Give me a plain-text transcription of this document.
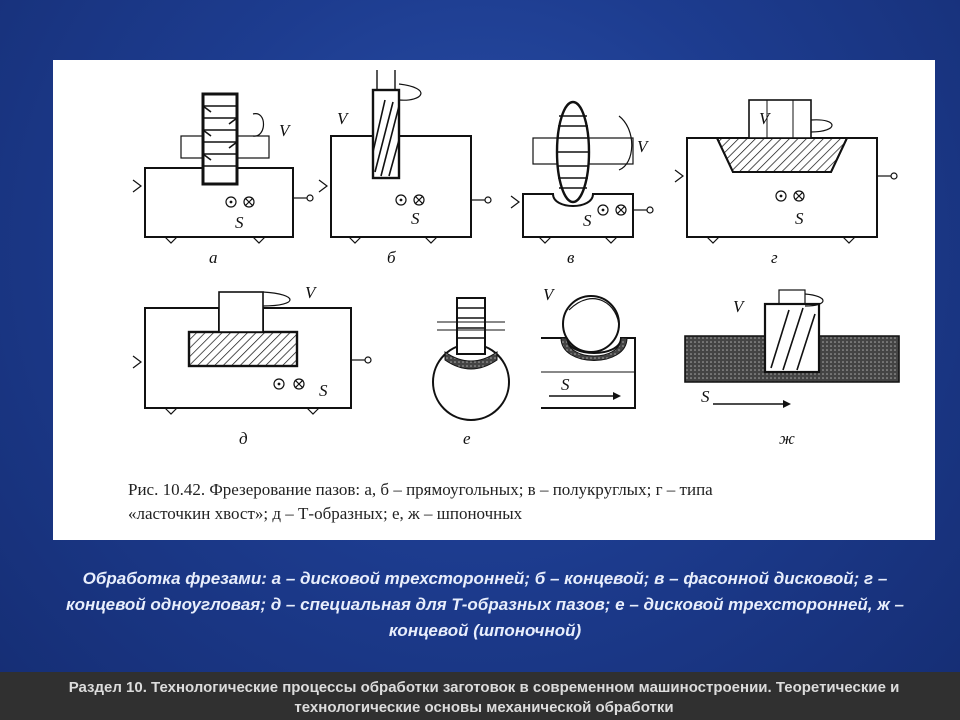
V
S
а
V
S
б
V
S
в
V
S
г
V
S
д	е
V
S
V
S
ж

Рис. 10.42. Фрезерование пазов: а, б – прямоугольных; в – полукруглых; г – типа

«ласточкин хвост»; д – Т-образных; е, ж – шпоночных

Обработка фрезами: а – дисковой трехсторонней; б – концевой; в – фасонной дисковой; г – концевой одноугловая; д – специальная для Т-образных пазов; е – дисковой трехсторонней, ж – концевой (шпоночной)
Раздел 10. Технологические процессы обработки заготовок в современном машиностроении. Теоретические и технологические основы механической обработки
